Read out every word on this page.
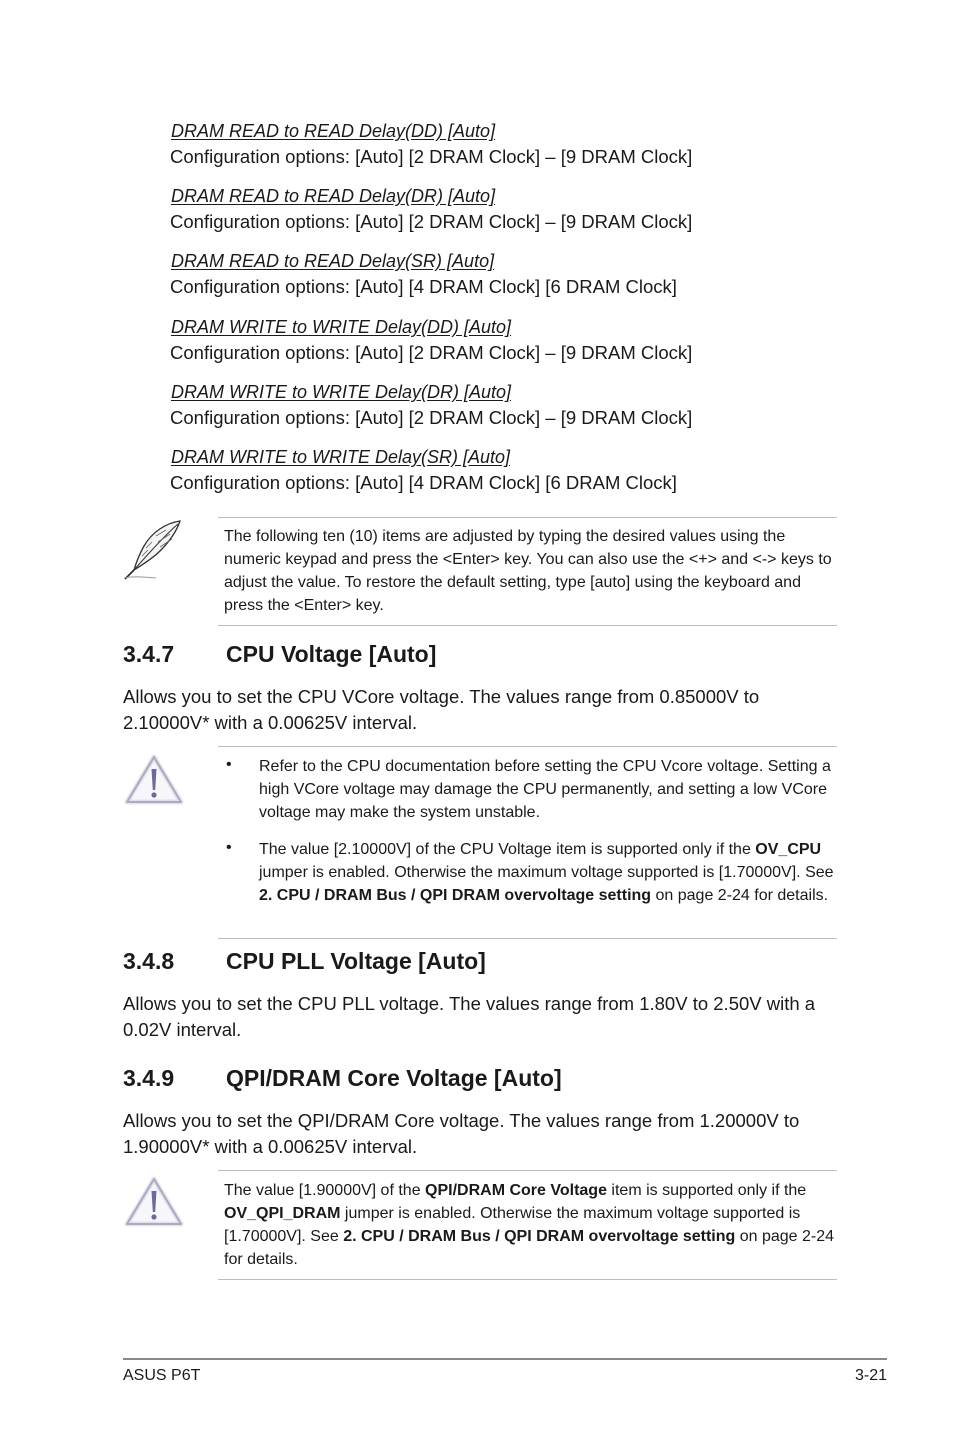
DRAM READ to READ Delay(DD) [Auto]
Configuration options: [Auto] [2 DRAM Clock] – [9 DRAM Clock]
DRAM READ to READ Delay(DR) [Auto]
Configuration options: [Auto] [2 DRAM Clock] – [9 DRAM Clock]
DRAM READ to READ Delay(SR) [Auto]
Configuration options: [Auto] [4 DRAM Clock] [6 DRAM Clock]
DRAM WRITE to WRITE Delay(DD) [Auto]
Configuration options: [Auto] [2 DRAM Clock] – [9 DRAM Clock]
DRAM WRITE to WRITE Delay(DR) [Auto]
Configuration options: [Auto] [2 DRAM Clock] – [9 DRAM Clock]
DRAM WRITE to WRITE Delay(SR) [Auto]
Configuration options: [Auto] [4 DRAM Clock] [6 DRAM Clock]
The following ten (10) items are adjusted by typing the desired values using the numeric keypad and press the <Enter> key. You can also use the <+> and <-> keys to adjust the value. To restore the default setting, type [auto] using the keyboard and press the <Enter> key.
3.4.7 CPU Voltage [Auto]
Allows you to set the CPU VCore voltage. The values range from 0.85000V to 2.10000V* with a 0.00625V interval.
• Refer to the CPU documentation before setting the CPU Vcore voltage. Setting a high VCore voltage may damage the CPU permanently, and setting a low VCore voltage may make the system unstable.
• The value [2.10000V] of the CPU Voltage item is supported only if the OV_CPU jumper is enabled. Otherwise the maximum voltage supported is [1.70000V]. See 2. CPU / DRAM Bus / QPI DRAM overvoltage setting on page 2-24 for details.
3.4.8 CPU PLL Voltage [Auto]
Allows you to set the CPU PLL voltage. The values range from 1.80V to 2.50V with a 0.02V interval.
3.4.9 QPI/DRAM Core Voltage [Auto]
Allows you to set the QPI/DRAM Core voltage. The values range from 1.20000V to 1.90000V* with a 0.00625V interval.
The value [1.90000V] of the QPI/DRAM Core Voltage item is supported only if the OV_QPI_DRAM jumper is enabled. Otherwise the maximum voltage supported is [1.70000V]. See 2. CPU / DRAM Bus / QPI DRAM overvoltage setting on page 2-24 for details.
ASUS P6T	3-21
